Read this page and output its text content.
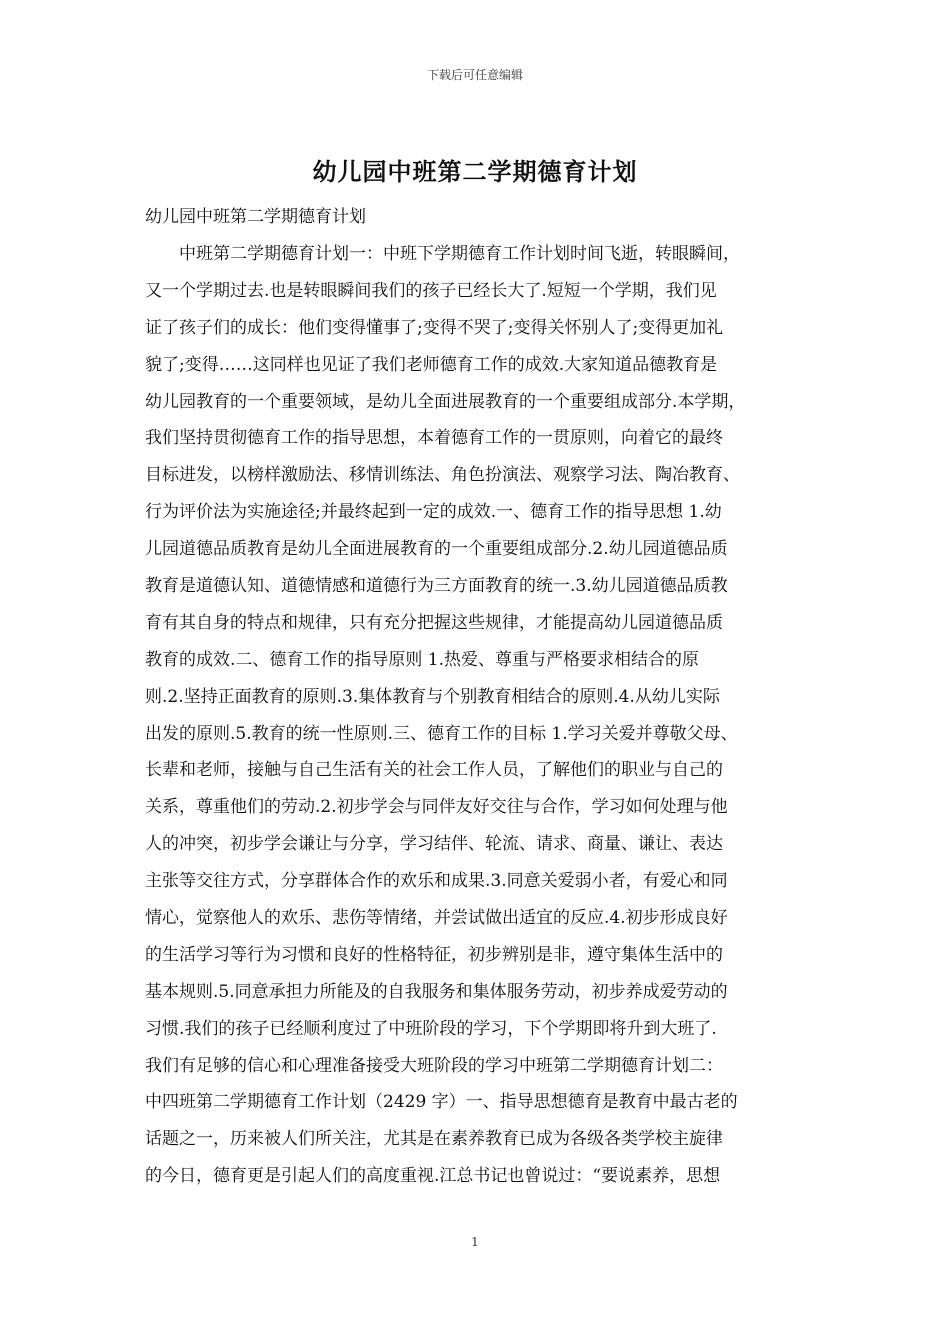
下载后可任意编辑
幼儿园中班第二学期德育计划
幼儿园中班第二学期德育计划
　　中班第二学期德育计划一：中班下学期德育工作计划时间飞逝，转眼瞬间，
又一个学期过去.也是转眼瞬间我们的孩子已经长大了.短短一个学期，我们见
证了孩子们的成长：他们变得懂事了;变得不哭了;变得关怀别人了;变得更加礼
貌了;变得……这同样也见证了我们老师德育工作的成效.大家知道品德教育是
幼儿园教育的一个重要领域，是幼儿全面进展教育的一个重要组成部分.本学期，
我们坚持贯彻德育工作的指导思想，本着德育工作的一贯原则，向着它的最终
目标进发，以榜样激励法、移情训练法、角色扮演法、观察学习法、陶冶教育、
行为评价法为实施途径;并最终起到一定的成效.一、德育工作的指导思想 1.幼
儿园道德品质教育是幼儿全面进展教育的一个重要组成部分.2.幼儿园道德品质
教育是道德认知、道德情感和道德行为三方面教育的统一.3.幼儿园道德品质教
育有其自身的特点和规律，只有充分把握这些规律，才能提高幼儿园道德品质
教育的成效.二、德育工作的指导原则 1.热爱、尊重与严格要求相结合的原
则.2.坚持正面教育的原则.3.集体教育与个别教育相结合的原则.4.从幼儿实际
出发的原则.5.教育的统一性原则.三、德育工作的目标 1.学习关爱并尊敬父母、
长辈和老师，接触与自己生活有关的社会工作人员，了解他们的职业与自己的
关系，尊重他们的劳动.2.初步学会与同伴友好交往与合作，学习如何处理与他
人的冲突，初步学会谦让与分享，学习结伴、轮流、请求、商量、谦让、表达
主张等交往方式，分享群体合作的欢乐和成果.3.同意关爱弱小者，有爱心和同
情心，觉察他人的欢乐、悲伤等情绪，并尝试做出适宜的反应.4.初步形成良好
的生活学习等行为习惯和良好的性格特征，初步辨别是非，遵守集体生活中的
基本规则.5.同意承担力所能及的自我服务和集体服务劳动，初步养成爱劳动的
习惯.我们的孩子已经顺利度过了中班阶段的学习，下个学期即将升到大班了.
我们有足够的信心和心理准备接受大班阶段的学习中班第二学期德育计划二：
中四班第二学期德育工作计划（2429 字）一、指导思想德育是教育中最古老的
话题之一，历来被人们所关注，尤其是在素养教育已成为各级各类学校主旋律
的今日，德育更是引起人们的高度重视.江总书记也曾说过：“要说素养，思想
1
